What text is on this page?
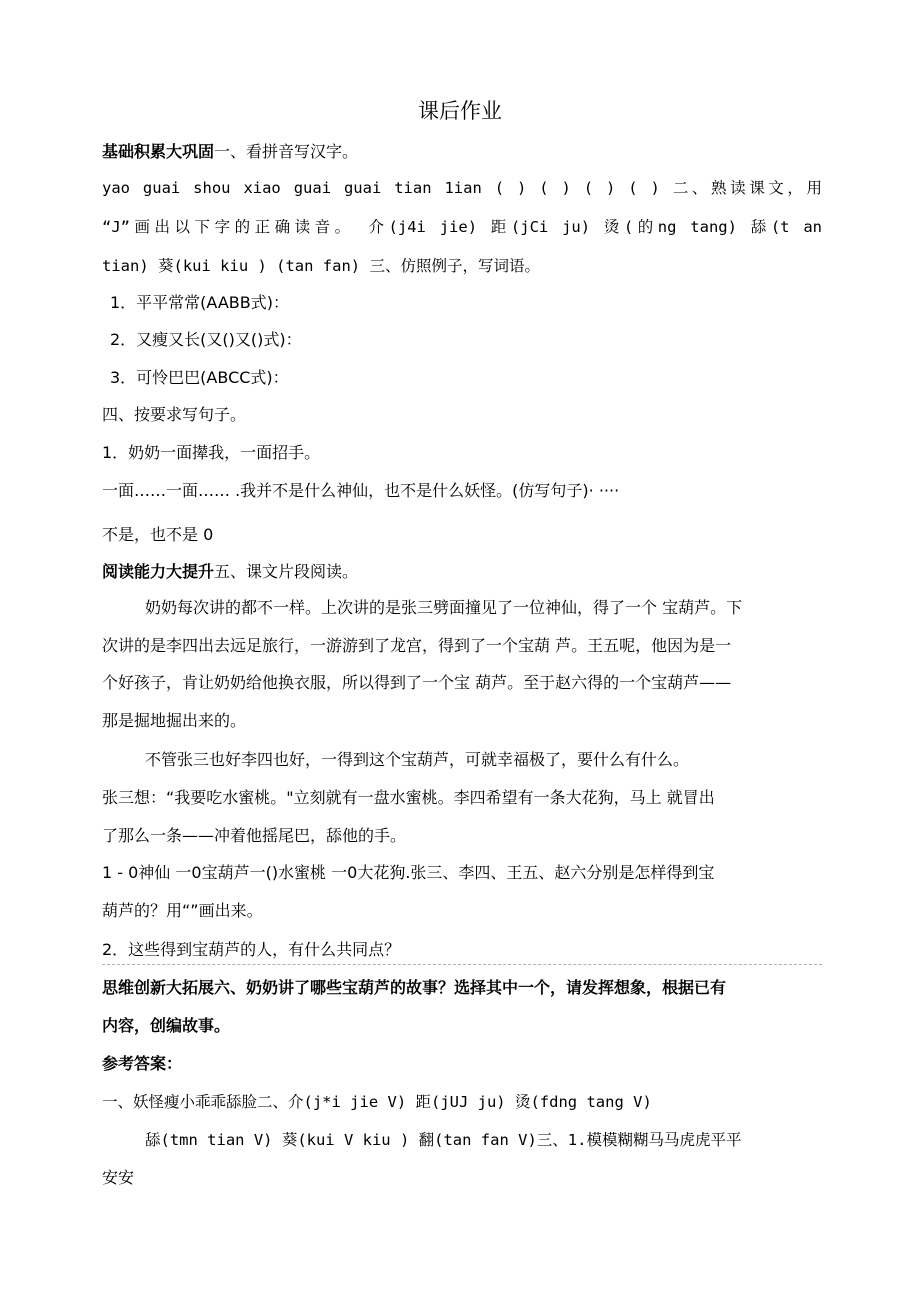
课后作业
基础积累大巩固一、看拼音写汉字。
yao guai shou xiao guai guai tian 1ian ( ) ( ) ( ) ( ) 二、熟读课文，用
“J”画出以下字的正确读音。 介(j4i jie) 距(jCi ju) 烫(的ng tang) 舔(t an
tian) 葵(kui kiu ) (tan fan) 三、仿照例子，写词语。
1．平平常常(AABB式)：
2．又瘦又长(又()又()式)：
3．可怜巴巴(ABCC式)：
四、按要求写句子。
1．奶奶一面撵我，一面招手。
一面……一面…… .我并不是什么神仙，也不是什么妖怪。(仿写句子)· ····
不是，也不是 0
阅读能力大提升五、课文片段阅读。
奶奶每次讲的都不一样。上次讲的是张三劈面撞见了一位神仙，得了一个 宝葫芦。下
次讲的是李四出去远足旅行，一游游到了龙宫，得到了一个宝葫 芦。王五呢，他因为是一
个好孩子，肯让奶奶给他换衣服，所以得到了一个宝 葫芦。至于赵六得的一个宝葫芦——
那是掘地掘出来的。
不管张三也好李四也好，一得到这个宝葫芦，可就幸福极了，要什么有什么。
张三想：“我要吃水蜜桃。"立刻就有一盘水蜜桃。李四希望有一条大花狗，马上 就冒出
了那么一条——冲着他摇尾巴，舔他的手。
1 - 0神仙 一0宝葫芦一()水蜜桃 一0大花狗.张三、李四、王五、赵六分别是怎样得到宝
葫芦的？用“”画出来。
2．这些得到宝葫芦的人，有什么共同点？
思维创新大拓展六、奶奶讲了哪些宝葫芦的故事？选择其中一个，请发挥想象，根据已有
内容，创编故事。
参考答案：
一、妖怪瘦小乖乖舔脸二、介(j*i jie V) 距(jUJ ju) 烫(fdng tang V)
舔(tmn tian V) 葵(kui V kiu ) 翻(tan fan V)三、1.模模糊糊马马虎虎平平
安安
